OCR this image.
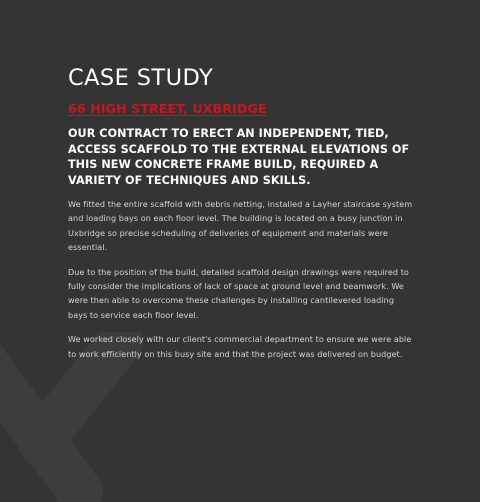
CASE STUDY
66 HIGH STREET, UXBRIDGE

OUR CONTRACT TO ERECT AN INDEPENDENT, TIED, ACCESS SCAFFOLD TO THE EXTERNAL ELEVATIONS OF THIS NEW CONCRETE FRAME BUILD, REQUIRED A VARIETY OF TECHNIQUES AND SKILLS.

We fitted the entire scaffold with debris netting, installed a Layher staircase system and loading bays on each floor level. The building is located on a busy junction in Uxbridge so precise scheduling of deliveries of equipment and materials were essential.

Due to the position of the build, detailed scaffold design drawings were required to fully consider the implications of lack of space at ground level and beamwork. We were then able to overcome these challenges by installing cantilevered loading bays to service each floor level.

We worked closely with our client's commercial department to ensure we were able to work efficiently on this busy site and that the project was delivered on budget.
